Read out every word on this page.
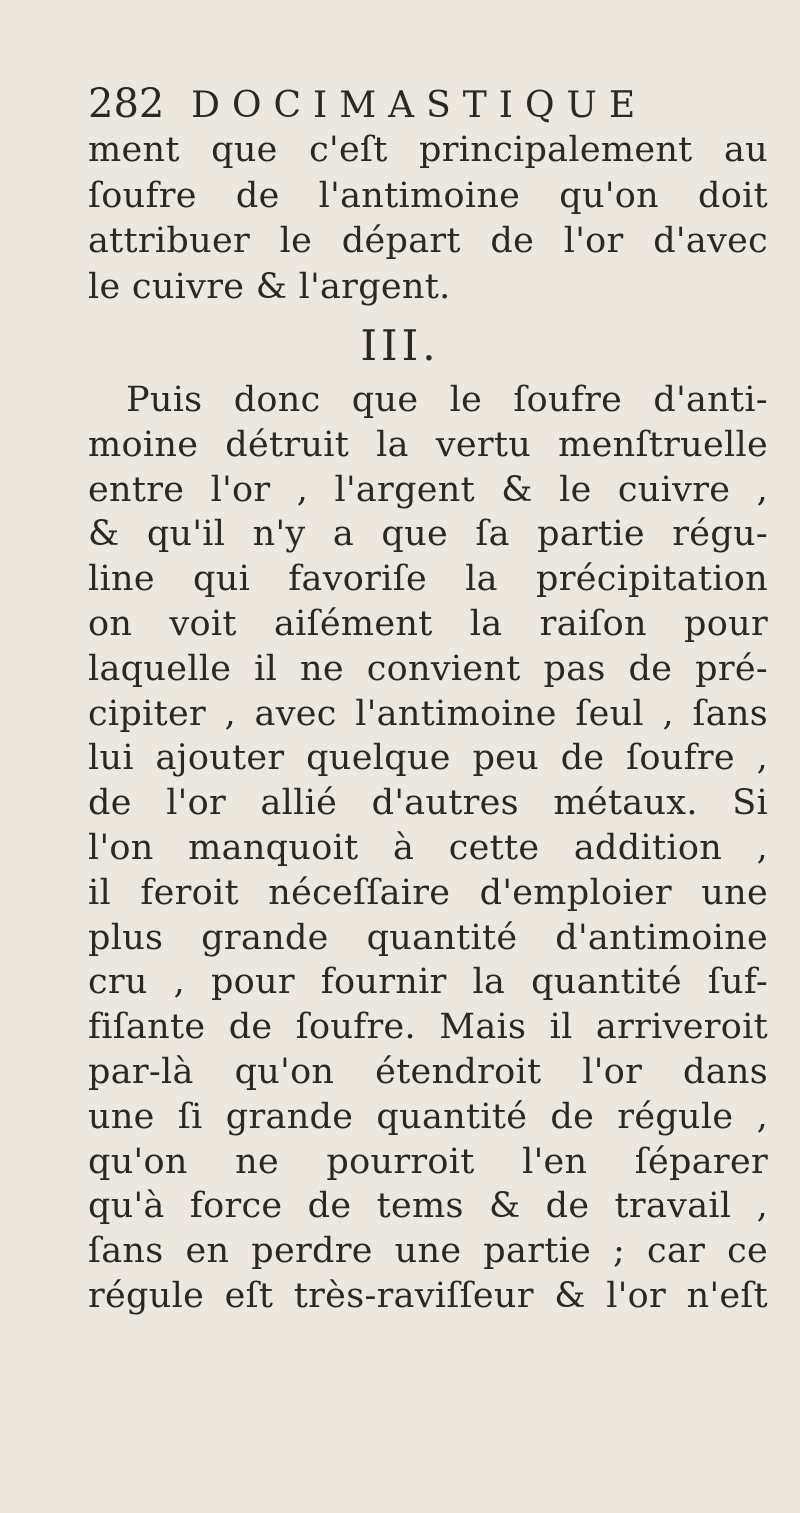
282 DOCIMASTIQUE
ment que c'eſt principalement au
ſoufre de l'antimoine qu'on doit
attribuer le départ de l'or d'avec
le cuivre & l'argent.
III.
Puis donc que le ſoufre d'anti-
moine détruit la vertu menſtruelle
entre l'or , l'argent & le cuivre ,
& qu'il n'y a que ſa partie régu-
line qui favoriſe la précipitation
on voit aiſément la raiſon pour
laquelle il ne convient pas de pré-
cipiter , avec l'antimoine ſeul , ſans
lui ajouter quelque peu de ſoufre ,
de l'or allié d'autres métaux. Si
l'on manquoit à cette addition ,
il feroit néceſſaire d'emploier une
plus grande quantité d'antimoine
cru , pour fournir la quantité ſuf-
fiſante de ſoufre. Mais il arriveroit
par-là qu'on étendroit l'or dans
une ſi grande quantité de régule ,
qu'on ne pourroit l'en ſéparer
qu'à force de tems & de travail ,
ſans en perdre une partie ; car ce
régule eſt très-raviſſeur & l'or n'eſt
